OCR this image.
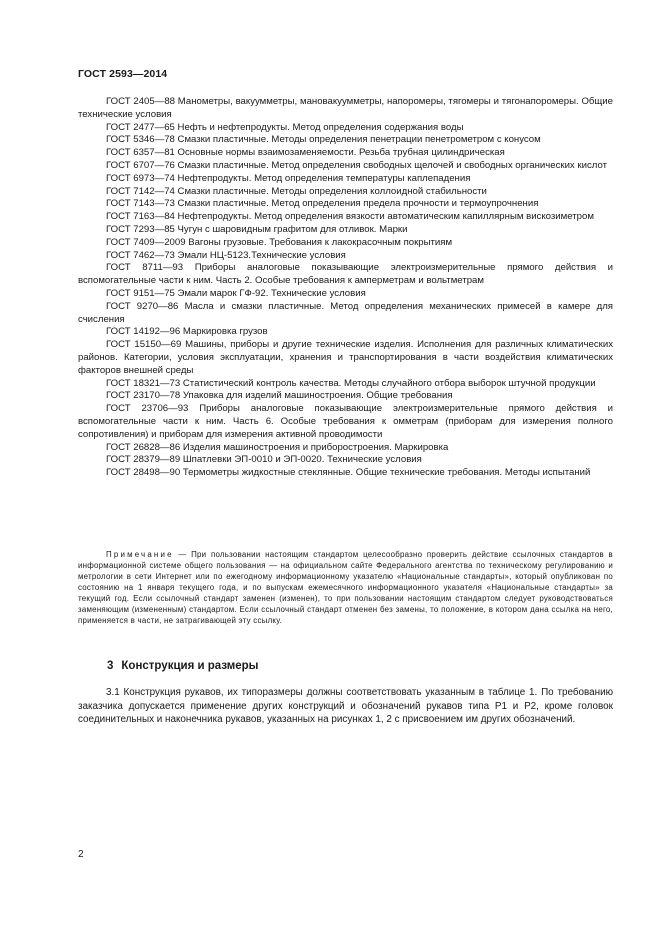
ГОСТ 2593—2014

ГОСТ 2405—88 Манометры, вакуумметры, мановакуумметры, напоромеры, тягомеры и тягонапоромеры. Общие технические условия

ГОСТ 2477—65 Нефть и нефтепродукты. Метод определения содержания воды

ГОСТ 5346—78 Смазки пластичные. Методы определения пенетрации пенетрометром с конусом

ГОСТ 6357—81 Основные нормы взаимозаменяемости. Резьба трубная цилиндрическая

ГОСТ 6707—76 Смазки пластичные. Метод определения свободных щелочей и свободных органических кислот

ГОСТ 6973—74 Нефтепродукты. Метод определения температуры каплепадения

ГОСТ 7142—74 Смазки пластичные. Методы определения коллоидной стабильности

ГОСТ 7143—73 Смазки пластичные. Метод определения предела прочности и термоупрочнения

ГОСТ 7163—84 Нефтепродукты. Метод определения вязкости автоматическим капиллярным вискозиметром

ГОСТ 7293—85 Чугун с шаровидным графитом для отливок. Марки

ГОСТ 7409—2009 Вагоны грузовые. Требования к лакокрасочным покрытиям

ГОСТ 7462—73 Эмали НЦ-5123.Технические условия

ГОСТ 8711—93 Приборы аналоговые показывающие электроизмерительные прямого действия и вспомогательные части к ним. Часть 2. Особые требования к амперметрам и вольтметрам

ГОСТ 9151—75 Эмали марок ГФ-92. Технические условия

ГОСТ 9270—86 Масла и смазки пластичные. Метод определения механических примесей в камере для счисления

ГОСТ 14192—96 Маркировка грузов

ГОСТ 15150—69 Машины, приборы и другие технические изделия. Исполнения для различных климатических районов. Категории, условия эксплуатации, хранения и транспортирования в части воздействия климатических факторов внешней среды

ГОСТ 18321—73 Статистический контроль качества. Методы случайного отбора выборок штучной продукции

ГОСТ 23170—78 Упаковка для изделий машиностроения. Общие требования

ГОСТ 23706—93 Приборы аналоговые показывающие электроизмерительные прямого действия и вспомогательные части к ним. Часть 6. Особые требования к омметрам (приборам для измерения полного сопротивления) и приборам для измерения активной проводимости

ГОСТ 26828—86 Изделия машиностроения и приборостроения. Маркировка

ГОСТ 28379—89 Шпатлевки ЭП-0010 и ЭП-0020. Технические условия

ГОСТ 28498—90 Термометры жидкостные стеклянные. Общие технические требования. Методы испытаний

Примечание — При пользовании настоящим стандартом целесообразно проверить действие ссылочных стандартов в информационной системе общего пользования — на официальном сайте Федерального агентства по техническому регулированию и метрологии в сети Интернет или по ежегодному информационному указателю «Национальные стандарты», который опубликован по состоянию на 1 января текущего года, и по выпускам ежемесячного информационного указателя «Национальные стандарты» за текущий год. Если ссылочный стандарт заменен (изменен), то при пользовании настоящим стандартом следует руководствоваться заменяющим (измененным) стандартом. Если ссылочный стандарт отменен без замены, то положение, в котором дана ссылка на него, применяется в части, не затрагивающей эту ссылку.

3 Конструкция и размеры

3.1 Конструкция рукавов, их типоразмеры должны соответствовать указанным в таблице 1. По требованию заказчика допускается применение других конструкций и обозначений рукавов типа Р1 и Р2, кроме головок соединительных и наконечника рукавов, указанных на рисунках 1, 2 с присвоением им других обозначений.

2
